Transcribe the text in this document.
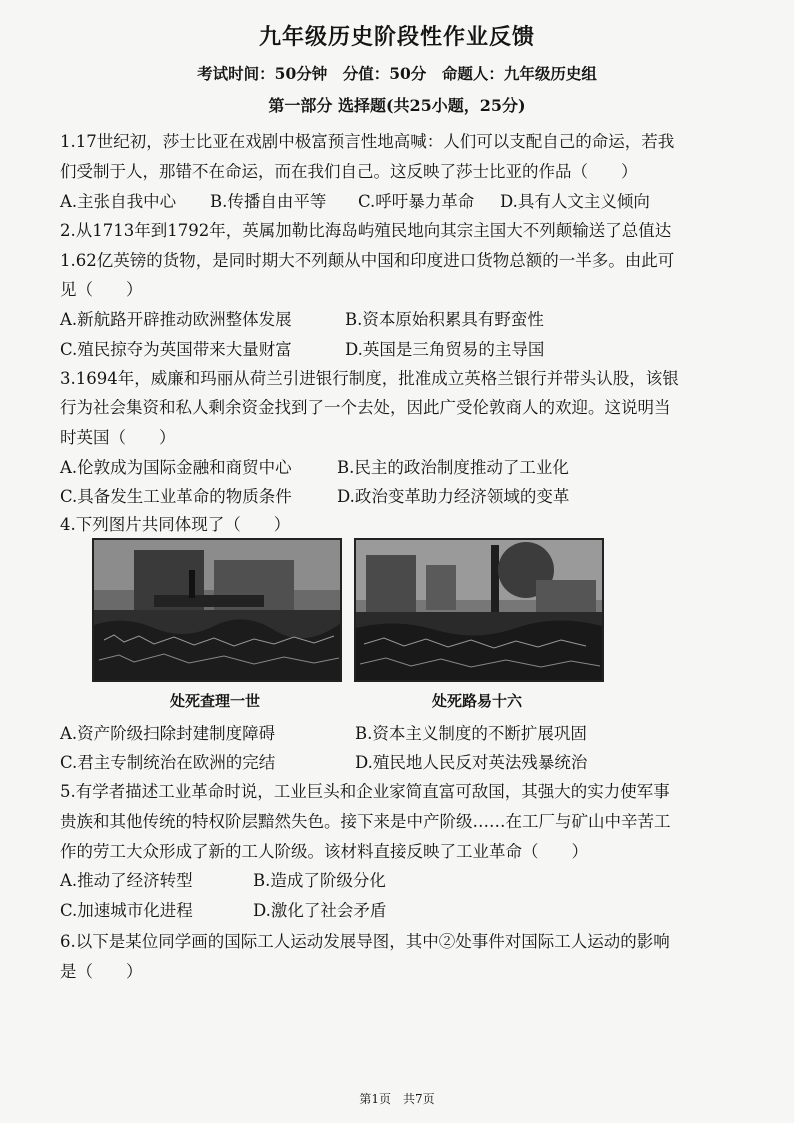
九年级历史阶段性作业反馈
考试时间：50分钟　分值：50分　命题人：九年级历史组
第一部分 选择题(共25小题，25分)
1.17世纪初，莎士比亚在戏剧中极富预言性地高喊：人们可以支配自己的命运，若我
们受制于人，那错不在命运，而在我们自己。这反映了莎士比亚的作品（　　）
A.主张自我中心 B.传播自由平等 C.呼吁暴力革命 D.具有人文主义倾向
2.从1713年到1792年，英属加勒比海岛屿殖民地向其宗主国大不列颠输送了总值达
1.62亿英镑的货物，是同时期大不列颠从中国和印度进口货物总额的一半多。由此可
见（　　）
A.新航路开辟推动欧洲整体发展	B.资本原始积累具有野蛮性
C.殖民掠夺为英国带来大量财富	D.英国是三角贸易的主导国
3.1694年，威廉和玛丽从荷兰引进银行制度，批准成立英格兰银行并带头认股，该银
行为社会集资和私人剩余资金找到了一个去处，因此广受伦敦商人的欢迎。这说明当
时英国（　　）
A.伦敦成为国际金融和商贸中心	B.民主的政治制度推动了工业化
C.具备发生工业革命的物质条件	D.政治变革助力经济领域的变革
4.下列图片共同体现了（　　）
处死查理一世	处死路易十六
A.资产阶级扫除封建制度障碍	B.资本主义制度的不断扩展巩固
C.君主专制统治在欧洲的完结	D.殖民地人民反对英法残暴统治
5.有学者描述工业革命时说，工业巨头和企业家简直富可敌国，其强大的实力使军事
贵族和其他传统的特权阶层黯然失色。接下来是中产阶级……在工厂与矿山中辛苦工
作的劳工大众形成了新的工人阶级。该材料直接反映了工业革命（　　）
A.推动了经济转型	B.造成了阶级分化
C.加速城市化进程	D.激化了社会矛盾
6.以下是某位同学画的国际工人运动发展导图，其中②处事件对国际工人运动的影响
是（　　）
第1页　共7页
